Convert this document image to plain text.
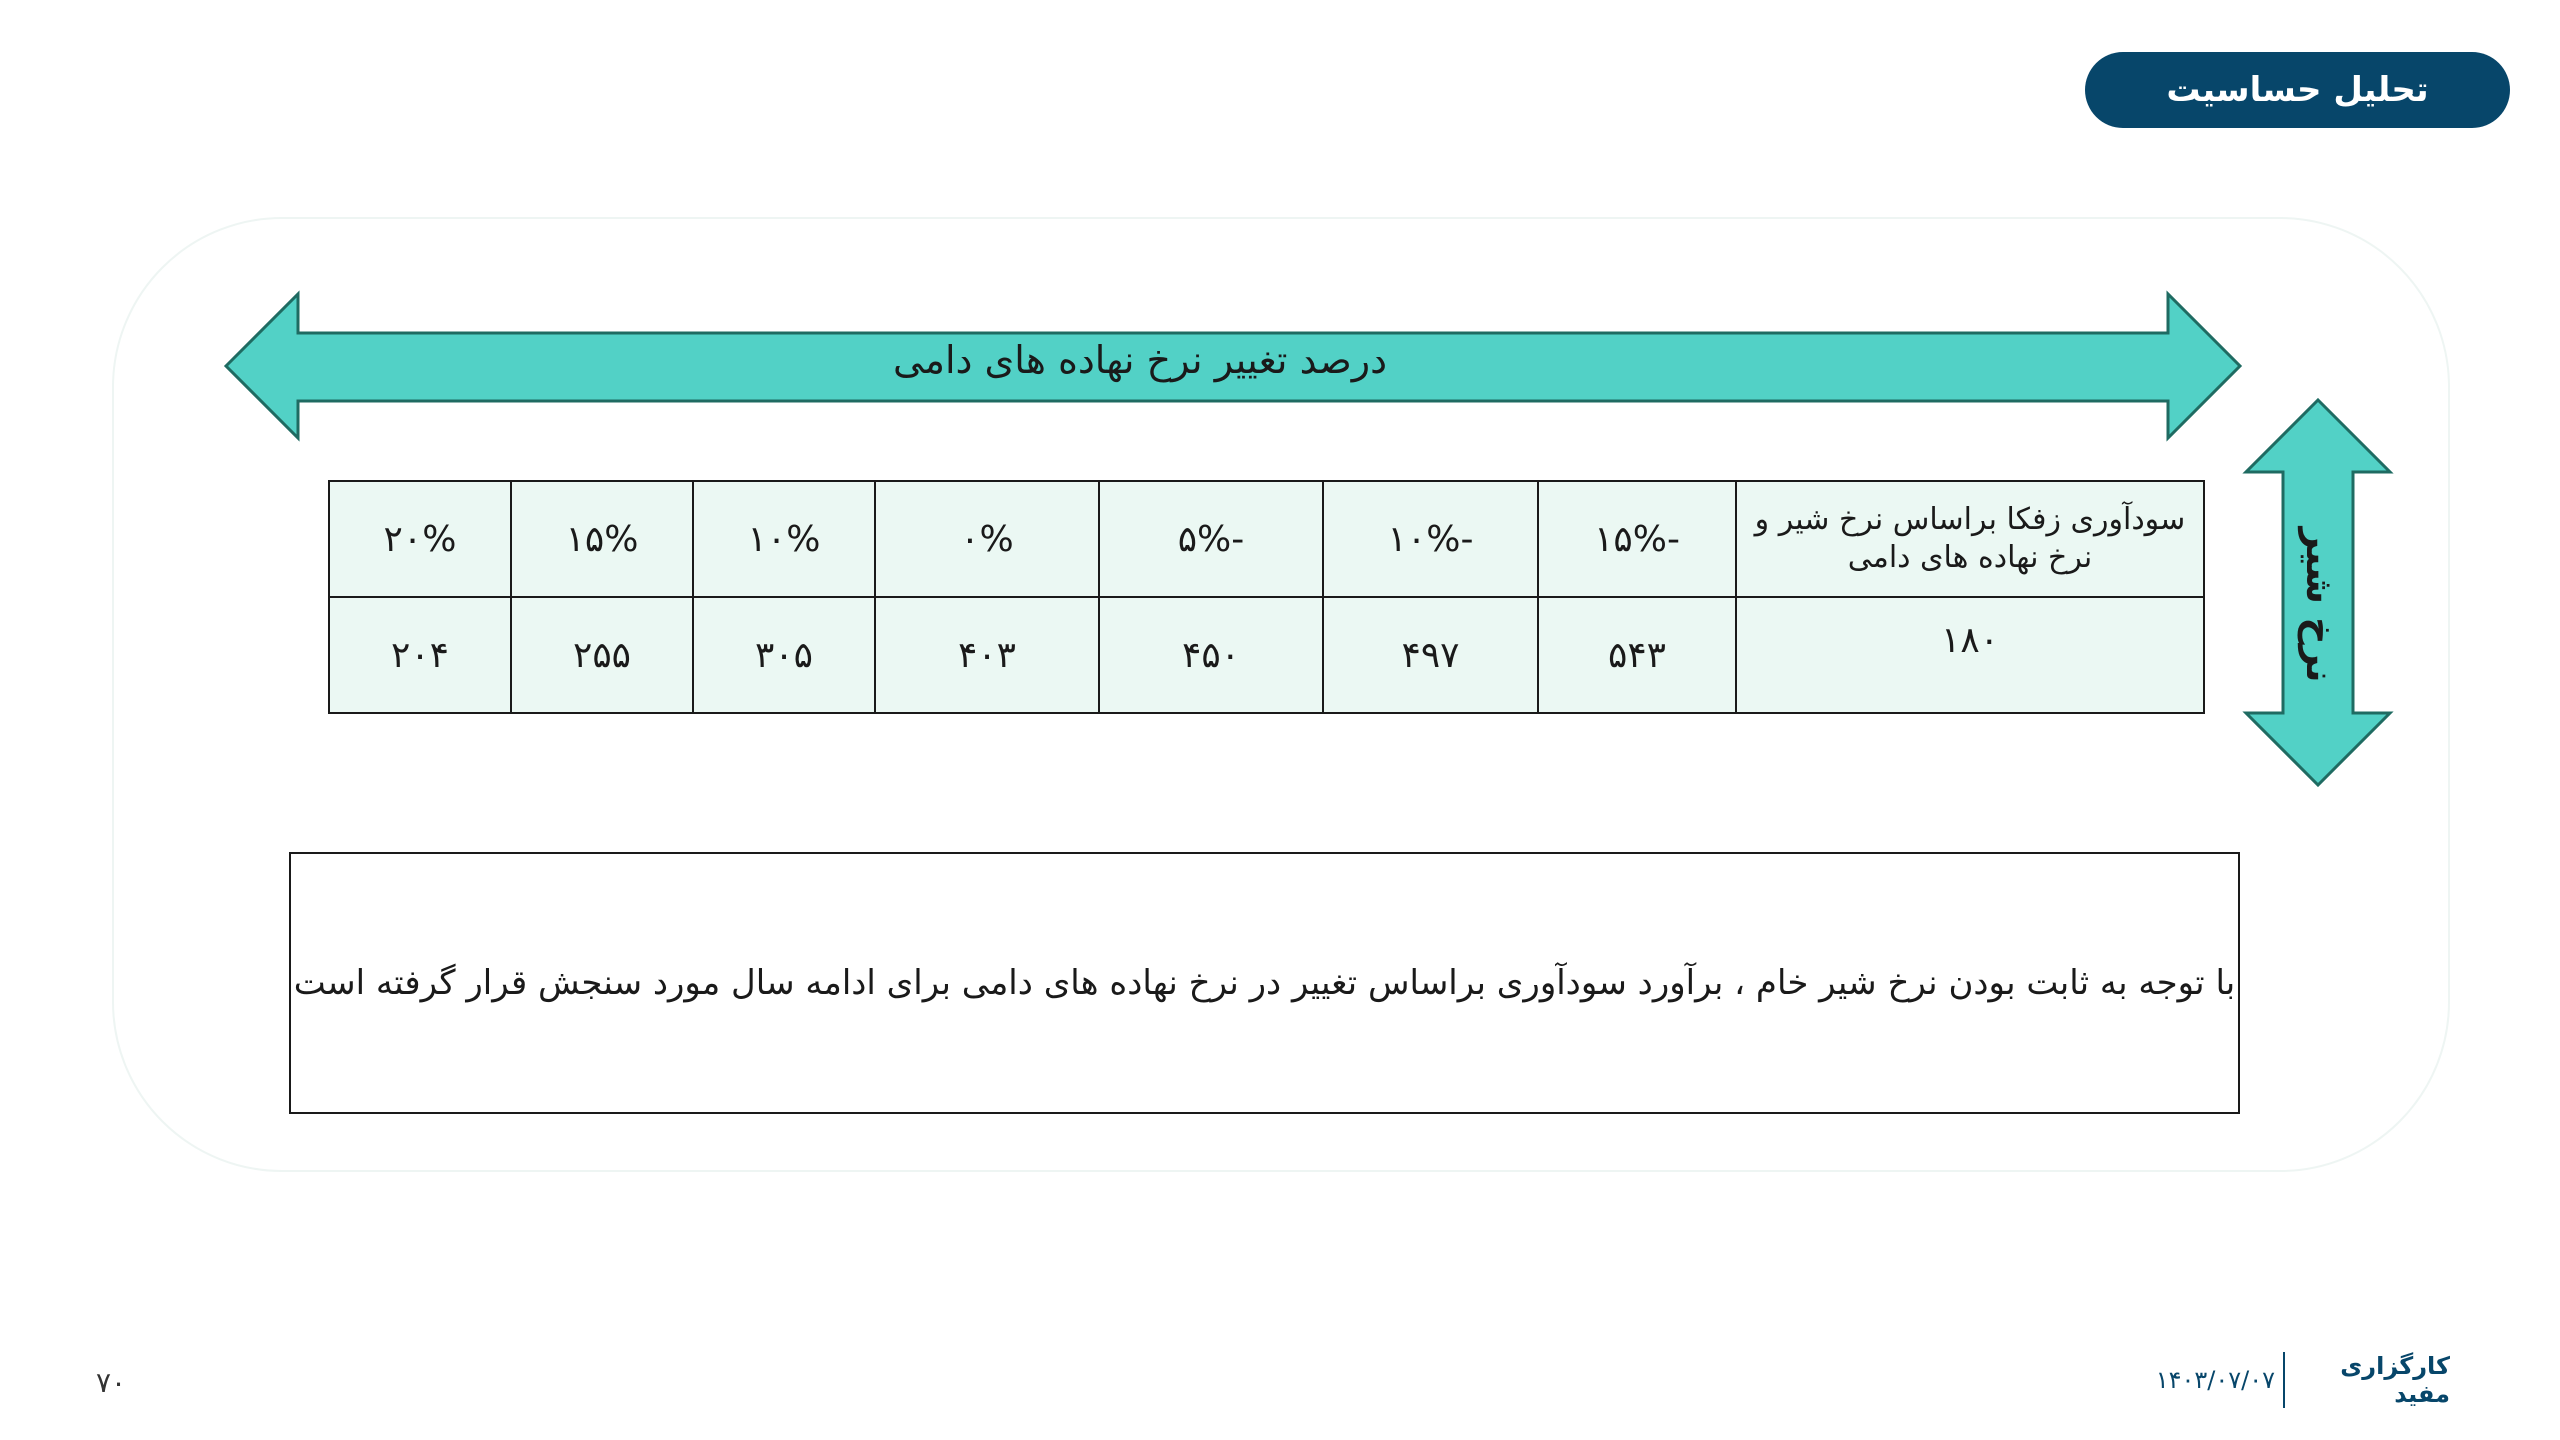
تحلیل حساسیت
درصد تغییر نرخ نهاده های دامی
نرخ شیر
سودآوری زفکا براساس نرخ شیر و نرخ نهاده های دامی	-۱۵%	-۱۰%	-۵%	۰%	۱۰%	۱۵%	۲۰%
۱۸۰	۵۴۳	۴۹۷	۴۵۰	۴۰۳	۳۰۵	۲۵۵	۲۰۴
با توجه به ثابت بودن نرخ شیر خام ، برآورد سودآوری براساس تغییر در نرخ نهاده های دامی برای ادامه سال مورد سنجش قرار گرفته است
۷۰	کارگزاری مفید
۱۴۰۳/۰۷/۰۷
